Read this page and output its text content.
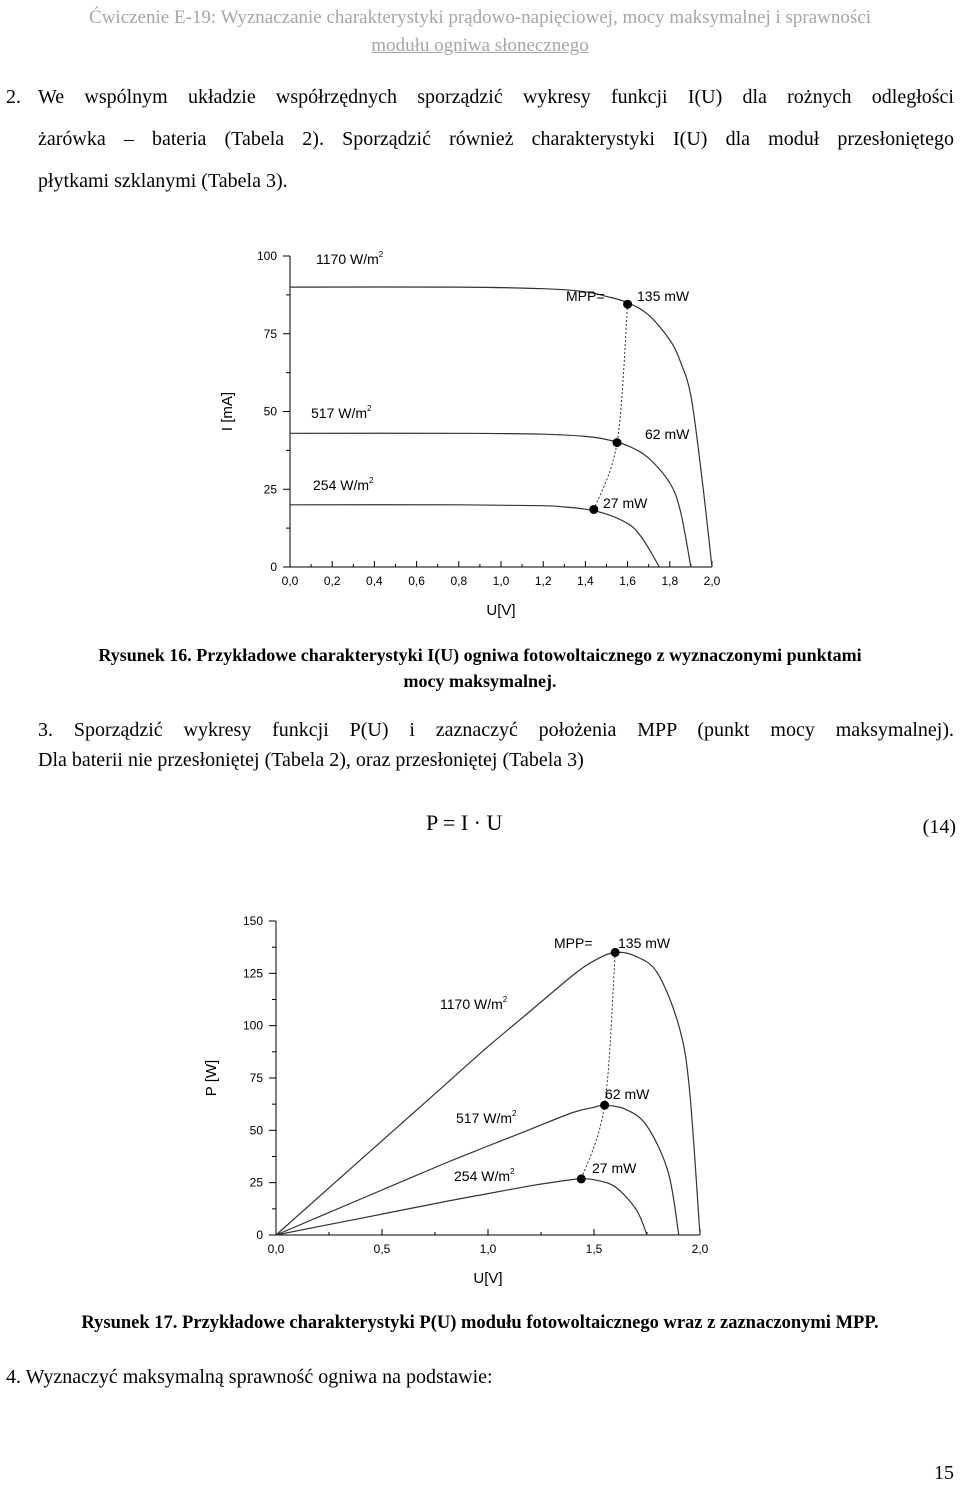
Ćwiczenie E-19: Wyznaczanie charakterystyki prądowo-napięciowej, mocy maksymalnej i sprawności
modułu ogniwa słonecznego
2. We wspólnym układzie współrzędnych sporządzić wykresy funkcji I(U) dla rożnych odległości
żarówka – bateria (Tabela 2). Sporządzić również charakterystyki I(U) dla moduł przesłoniętego
płytkami szklanymi (Tabela 3).
0,0 0,2 0,4 0,6 0,8 1,0 1,2 1,4 1,6 1,8 2,0
0
25
50
75
100
U[V]
I [mA]
1170 $W/m^2$
517 $W/m^2$
254 $W/m^2$
135 mW
62 mW
27 mW
MPP=
Rysunek 16. Przykładowe charakterystyki I(U) ogniwa fotowoltaicznego z wyznaczonymi punktami
mocy maksymalnej.
3. Sporządzić wykresy funkcji P(U) i zaznaczyć położenia MPP (punkt mocy maksymalnej).
Dla baterii nie przesłoniętej (Tabela 2), oraz przesłoniętej (Tabela 3)
P = I · U	(14)
0,0	0,5	1,0	1,5	2,0
0
25
50
75
100
125
150
U[V]
P [W]
1170 $W/m^2$
517 $W/m^2$
254 $W/m^2$
135 mW
62 mW
27 mW
MPP=
Rysunek 17. Przykładowe charakterystyki P(U) modułu fotowoltaicznego wraz z zaznaczonymi MPP.
4. Wyznaczyć maksymalną sprawność ogniwa na podstawie:
15
